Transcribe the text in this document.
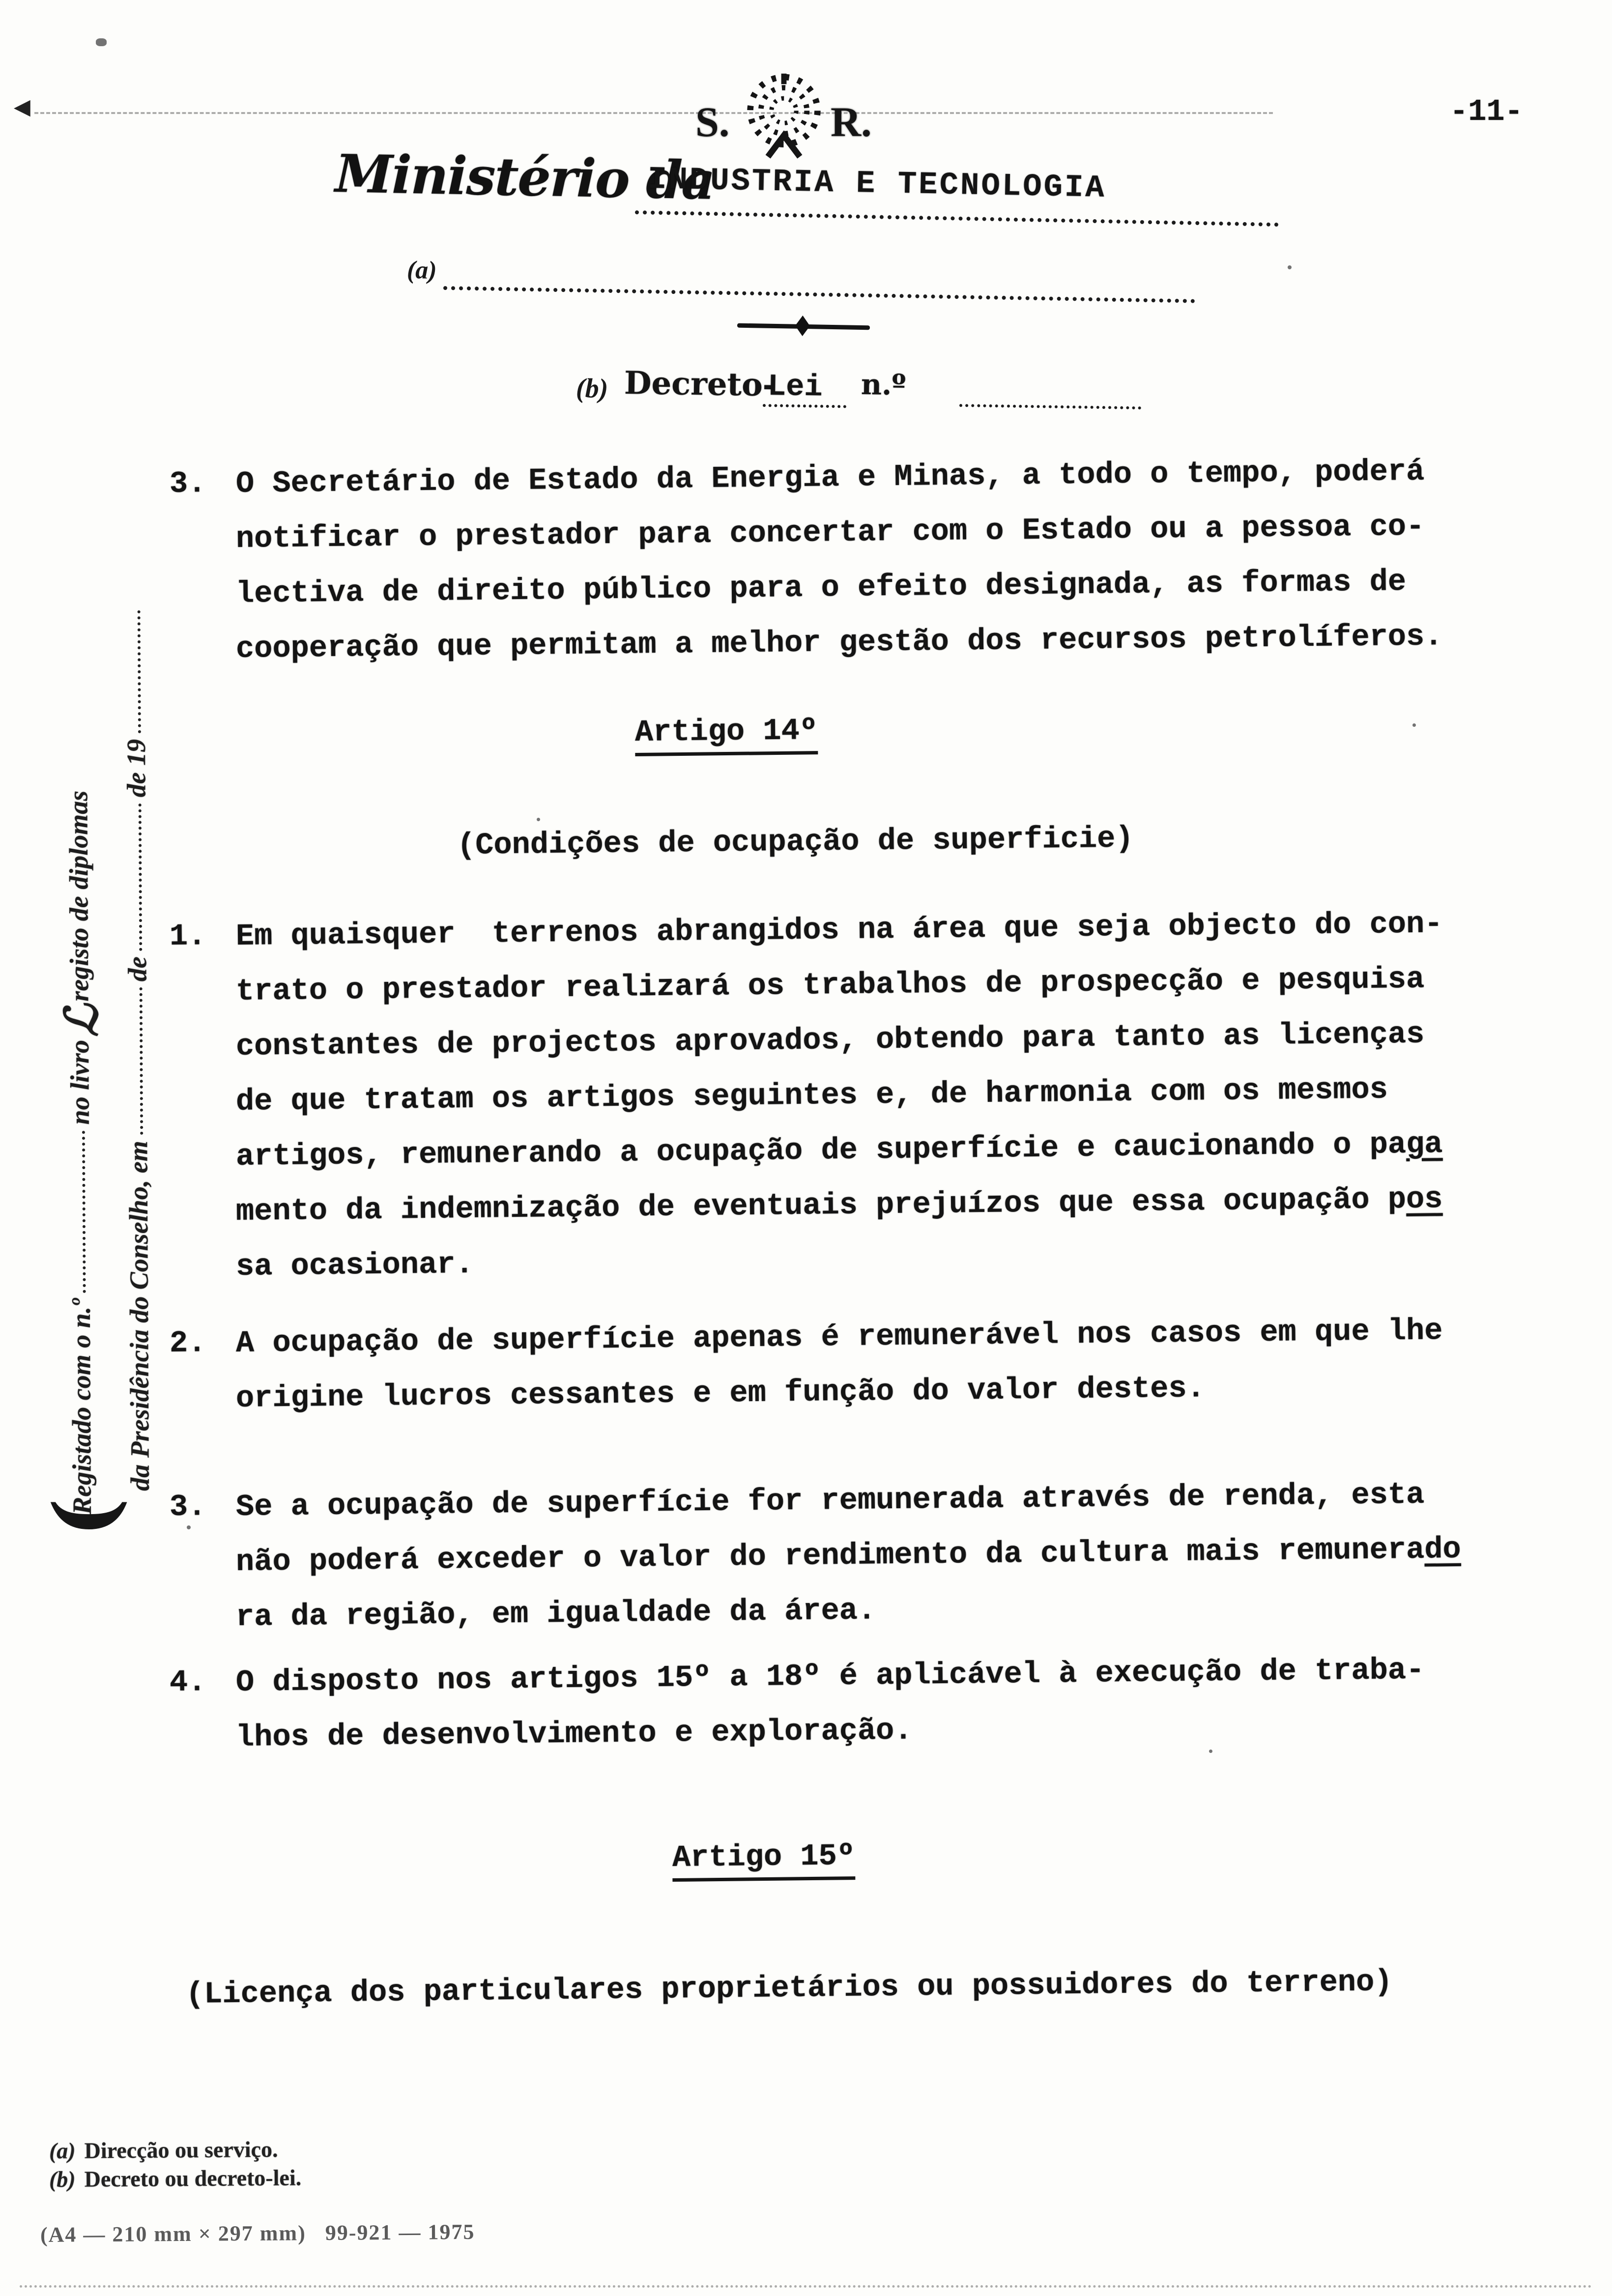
◀	S. R.	-11-
Ministério da
INDUSTRIA E TECNOLOGIA
(a)
(b) Decreto-
Lei n.º
(
Registado com o n.ºno livroℒregisto de diplomas
da Presidência do Conselho, emdede 19
3. O Secretário de Estado da Energia e Minas, a todo o tempo, poderá
notificar o prestador para concertar com o Estado ou a pessoa co-
lectiva de direito público para o efeito designada, as formas de
cooperação que permitam a melhor gestão dos recursos petrolíferos.
Artigo 14º
(Condições de ocupação de superficie)
1. Em quaisquer  terrenos abrangidos na área que seja objecto do con-
trato o prestador realizará os trabalhos de prospecção e pesquisa
constantes de projectos aprovados, obtendo para tanto as licenças
de que tratam os artigos seguintes e, de harmonia com os mesmos
artigos, remunerando a ocupação de superfície e caucionando o paga
mento da indemnização de eventuais prejuízos que essa ocupação pos
sa ocasionar.
2. A ocupação de superfície apenas é remunerável nos casos em que lhe
origine lucros cessantes e em função do valor destes.
3. Se a ocupação de superfície for remunerada através de renda, esta
não poderá exceder o valor do rendimento da cultura mais remunerado
ra da região, em igualdade da área.
4. O disposto nos artigos 15º a 18º é aplicável à execução de traba-
lhos de desenvolvimento e exploração.
Artigo 15º
(Licença dos particulares proprietários ou possuidores do terreno)
(a) Direcção ou serviço.
(b) Decreto ou decreto-lei.
(A4 — 210 mm × 297 mm)   99-921 — 1975
